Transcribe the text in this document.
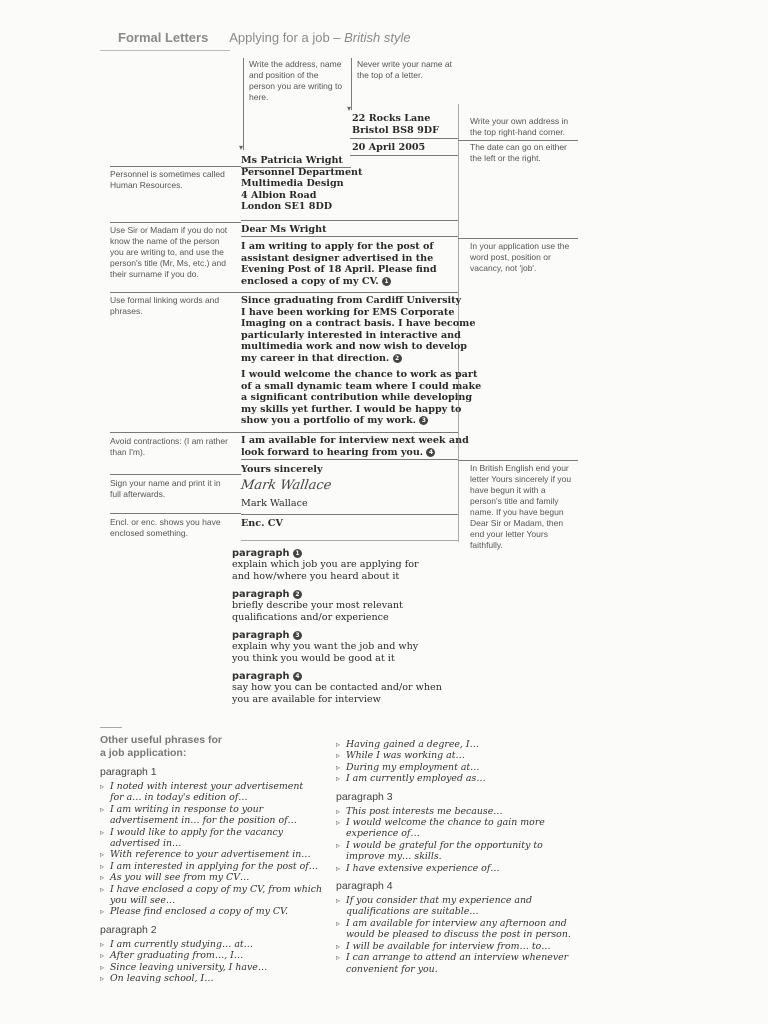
Formal Letters Applying for a job – British style
▾
▾
Write the address, name and position of the person you are writing to here.
Never write your name at the top of a letter.
Write your own address in the top right-hand corner.
The date can go on either the left or the right.
Personnel is sometimes called Human Resources.
Use Sir or Madam if you do not know the name of the person you are writing to, and use the person's title (Mr, Ms, etc.) and their surname if you do.
Use formal linking words and phrases.
In your application use the word post, position or vacancy, not 'job'.
Avoid contractions: (I am rather than I'm).
Sign your name and print it in full afterwards.
Encl. or enc. shows you have enclosed something.
In British English end your letter Yours sincerely if you have begun it with a person's title and family name. If you have begun Dear Sir or Madam, then end your letter Yours faithfully.
22 Rocks Lane
Bristol BS8 9DF
20 April 2005
Ms Patricia Wright
Personnel Department
Multimedia Design
4 Albion Road
London SE1 8DD
Dear Ms Wright
I am writing to apply for the post of
assistant designer advertised in the
Evening Post of 18 April. Please find
enclosed a copy of my CV. 1
Since graduating from Cardiff University
I have been working for EMS Corporate
Imaging on a contract basis. I have become
particularly interested in interactive and
multimedia work and now wish to develop
my career in that direction. 2
I would welcome the chance to work as part
of a small dynamic team where I could make
a significant contribution while developing
my skills yet further. I would be happy to
show you a portfolio of my work. 3
I am available for interview next week and
look forward to hearing from you. 4
Yours sincerely
Mark Wallace
Mark Wallace
Enc. CV
paragraph 1
explain which job you are applying for
and how/where you heard about it
paragraph 2
briefly describe your most relevant
qualifications and/or experience
paragraph 3
explain why you want the job and why
you think you would be good at it
paragraph 4
say how you can be contacted and/or when
you are available for interview
Other useful phrases for
a job application:
paragraph 1
▹ I noted with interest your advertisement
for a… in today's edition of…
▹ I am writing in response to your
advertisement in… for the position of…
▹ I would like to apply for the vacancy
advertised in…
▹ With reference to your advertisement in…
▹ I am interested in applying for the post of…
▹ As you will see from my CV…
▹ I have enclosed a copy of my CV, from which
you will see…
▹ Please find enclosed a copy of my CV.
paragraph 2
▹ I am currently studying… at…
▹ After graduating from…, I…
▹ Since leaving university, I have…
▹ On leaving school, I…
▹ Having gained a degree, I…
▹ While I was working at…
▹ During my employment at…
▹ I am currently employed as…
paragraph 3
▹ This post interests me because…
▹ I would welcome the chance to gain more
experience of…
▹ I would be grateful for the opportunity to
improve my… skills.
▹ I have extensive experience of…
paragraph 4
▹ If you consider that my experience and
qualifications are suitable…
▹ I am available for interview any afternoon and
would be pleased to discuss the post in person.
▹ I will be available for interview from… to…
▹ I can arrange to attend an interview whenever
convenient for you.
